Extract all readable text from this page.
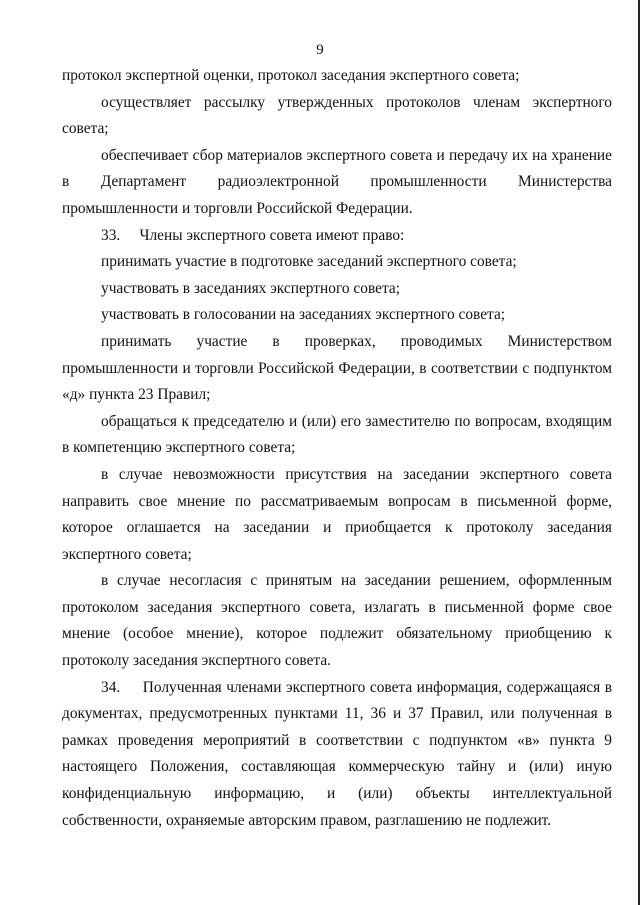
9

протокол экспертной оценки, протокол заседания экспертного совета;

осуществляет рассылку утвержденных протоколов членам экспертного совета;

обеспечивает сбор материалов экспертного совета и передачу их на хранение в Департамент радиоэлектронной промышленности Министерства промышленности и торговли Российской Федерации.

33.     Члены экспертного совета имеют право:

принимать участие в подготовке заседаний экспертного совета;

участвовать в заседаниях экспертного совета;

участвовать в голосовании на заседаниях экспертного совета;

принимать участие в проверках, проводимых Министерством промышленности и торговли Российской Федерации, в соответствии с подпунктом «д» пункта 23 Правил;

обращаться к председателю и (или) его заместителю по вопросам, входящим в компетенцию экспертного совета;

в случае невозможности присутствия на заседании экспертного совета направить свое мнение по рассматриваемым вопросам в письменной форме, которое оглашается на заседании и приобщается к протоколу заседания экспертного совета;

в случае несогласия с принятым на заседании решением, оформленным протоколом заседания экспертного совета, излагать в письменной форме свое мнение (особое мнение), которое подлежит обязательному приобщению к протоколу заседания экспертного совета.

34.     Полученная членами экспертного совета информация, содержащаяся в документах, предусмотренных пунктами 11, 36 и 37 Правил, или полученная в рамках проведения мероприятий в соответствии с подпунктом «в» пункта 9 настоящего Положения, составляющая коммерческую тайну и (или) иную конфиденциальную информацию, и (или) объекты интеллектуальной собственности, охраняемые авторским правом, разглашению не подлежит.
